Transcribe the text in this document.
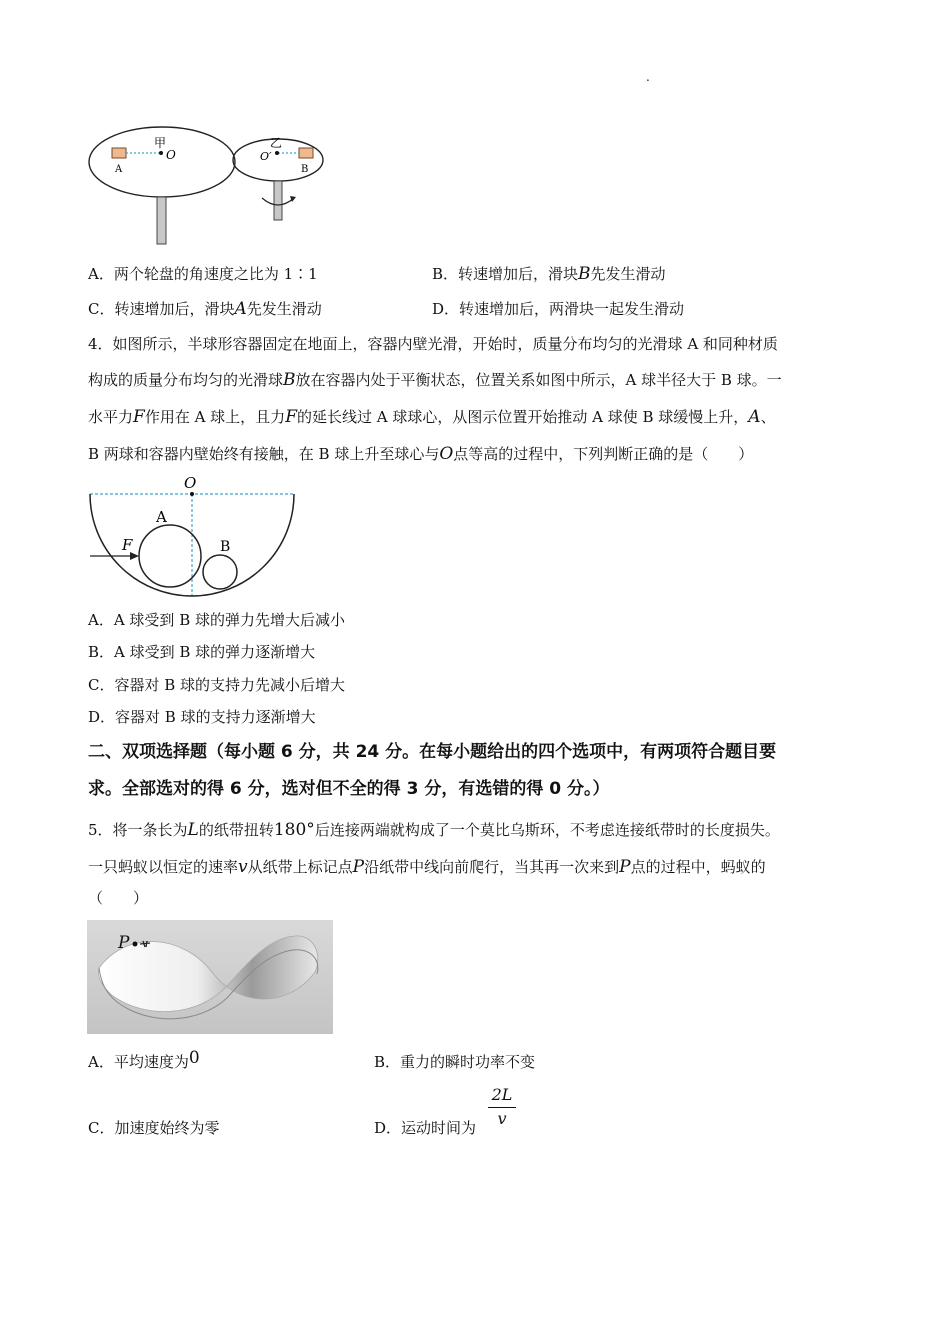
.
甲
O
A
乙
O′
B
A．两个轮盘的角速度之比为 1∶1	B．转速增加后，滑块B先发生滑动
C．转速增加后，滑块A先发生滑动	D．转速增加后，两滑块一起发生滑动
4．如图所示，半球形容器固定在地面上，容器内壁光滑，开始时，质量分布均匀的光滑球 A 和同种材质
构成的质量分布均匀的光滑球B放在容器内处于平衡状态，位置关系如图中所示，A 球半径大于 B 球。一
水平力F作用在 A 球上，且力F的延长线过 A 球球心，从图示位置开始推动 A 球使 B 球缓慢上升，A、
B 两球和容器内壁始终有接触，在 B 球上升至球心与O点等高的过程中，下列判断正确的是（　　）
O
A
B
F
A．A 球受到 B 球的弹力先增大后减小
B．A 球受到 B 球的弹力逐渐增大
C．容器对 B 球的支持力先减小后增大
D．容器对 B 球的支持力逐渐增大
二、双项选择题（每小题 6 分，共 24 分。在每小题给出的四个选项中，有两项符合题目要
求。全部选对的得 6 分，选对但不全的得 3 分，有选错的得 0 分。）
5．将一条长为L的纸带扭转180°后连接两端就构成了一个莫比乌斯环，不考虑连接纸带时的长度损失。
一只蚂蚁以恒定的速率v从纸带上标记点P沿纸带中线向前爬行，当其再一次来到P点的过程中，蚂蚁的
（　　）
P
A．平均速度为0	B．重力的瞬时功率不变
C．加速度始终为零	D．运动时间为
2L
v
